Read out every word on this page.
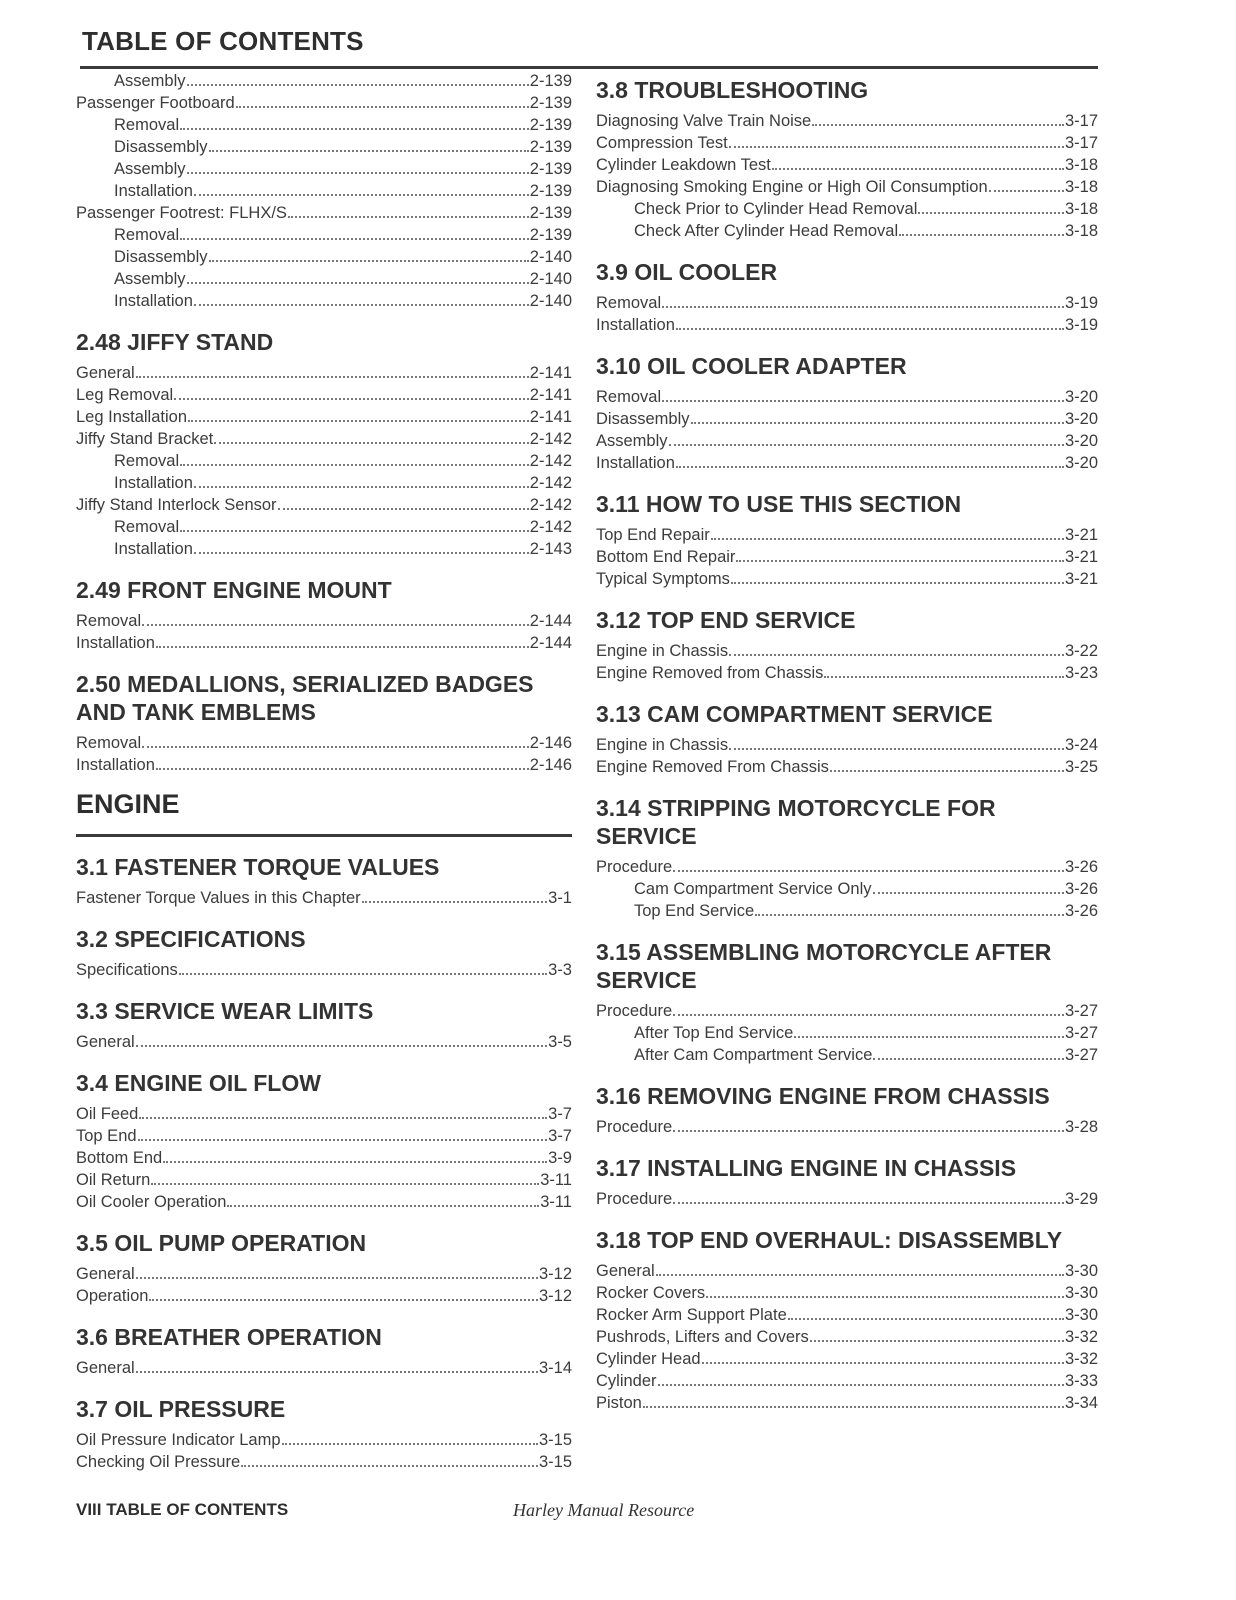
TABLE OF CONTENTS
Assembly	2-139
Passenger Footboard	2-139
Removal	2-139
Disassembly	2-139
Assembly	2-139
Installation	2-139
Passenger Footrest: FLHX/S	2-139
Removal	2-139
Disassembly	2-140
Assembly	2-140
Installation	2-140
2.48 JIFFY STAND
General	2-141
Leg Removal	2-141
Leg Installation	2-141
Jiffy Stand Bracket	2-142
Removal	2-142
Installation	2-142
Jiffy Stand Interlock Sensor	2-142
Removal	2-142
Installation	2-143
2.49 FRONT ENGINE MOUNT
Removal	2-144
Installation	2-144
2.50 MEDALLIONS, SERIALIZED BADGES AND TANK EMBLEMS
Removal	2-146
Installation	2-146
ENGINE
3.1 FASTENER TORQUE VALUES
Fastener Torque Values in this Chapter	3-1
3.2 SPECIFICATIONS
Specifications	3-3
3.3 SERVICE WEAR LIMITS
General	3-5
3.4 ENGINE OIL FLOW
Oil Feed	3-7
Top End	3-7
Bottom End	3-9
Oil Return	3-11
Oil Cooler Operation	3-11
3.5 OIL PUMP OPERATION
General	3-12
Operation	3-12
3.6 BREATHER OPERATION
General	3-14
3.7 OIL PRESSURE
Oil Pressure Indicator Lamp	3-15
Checking Oil Pressure	3-15
3.8 TROUBLESHOOTING
Diagnosing Valve Train Noise	3-17
Compression Test	3-17
Cylinder Leakdown Test	3-18
Diagnosing Smoking Engine or High Oil Consumption	3-18
Check Prior to Cylinder Head Removal	3-18
Check After Cylinder Head Removal	3-18
3.9 OIL COOLER
Removal	3-19
Installation	3-19
3.10 OIL COOLER ADAPTER
Removal	3-20
Disassembly	3-20
Assembly	3-20
Installation	3-20
3.11 HOW TO USE THIS SECTION
Top End Repair	3-21
Bottom End Repair	3-21
Typical Symptoms	3-21
3.12 TOP END SERVICE
Engine in Chassis	3-22
Engine Removed from Chassis	3-23
3.13 CAM COMPARTMENT SERVICE
Engine in Chassis	3-24
Engine Removed From Chassis	3-25
3.14 STRIPPING MOTORCYCLE FOR SERVICE
Procedure	3-26
Cam Compartment Service Only	3-26
Top End Service	3-26
3.15 ASSEMBLING MOTORCYCLE AFTER SERVICE
Procedure	3-27
After Top End Service	3-27
After Cam Compartment Service	3-27
3.16 REMOVING ENGINE FROM CHASSIS
Procedure	3-28
3.17 INSTALLING ENGINE IN CHASSIS
Procedure	3-29
3.18 TOP END OVERHAUL: DISASSEMBLY
General	3-30
Rocker Covers	3-30
Rocker Arm Support Plate	3-30
Pushrods, Lifters and Covers	3-32
Cylinder Head	3-32
Cylinder	3-33
Piston	3-34
VIII TABLE OF CONTENTS	Harley Manual Resource
